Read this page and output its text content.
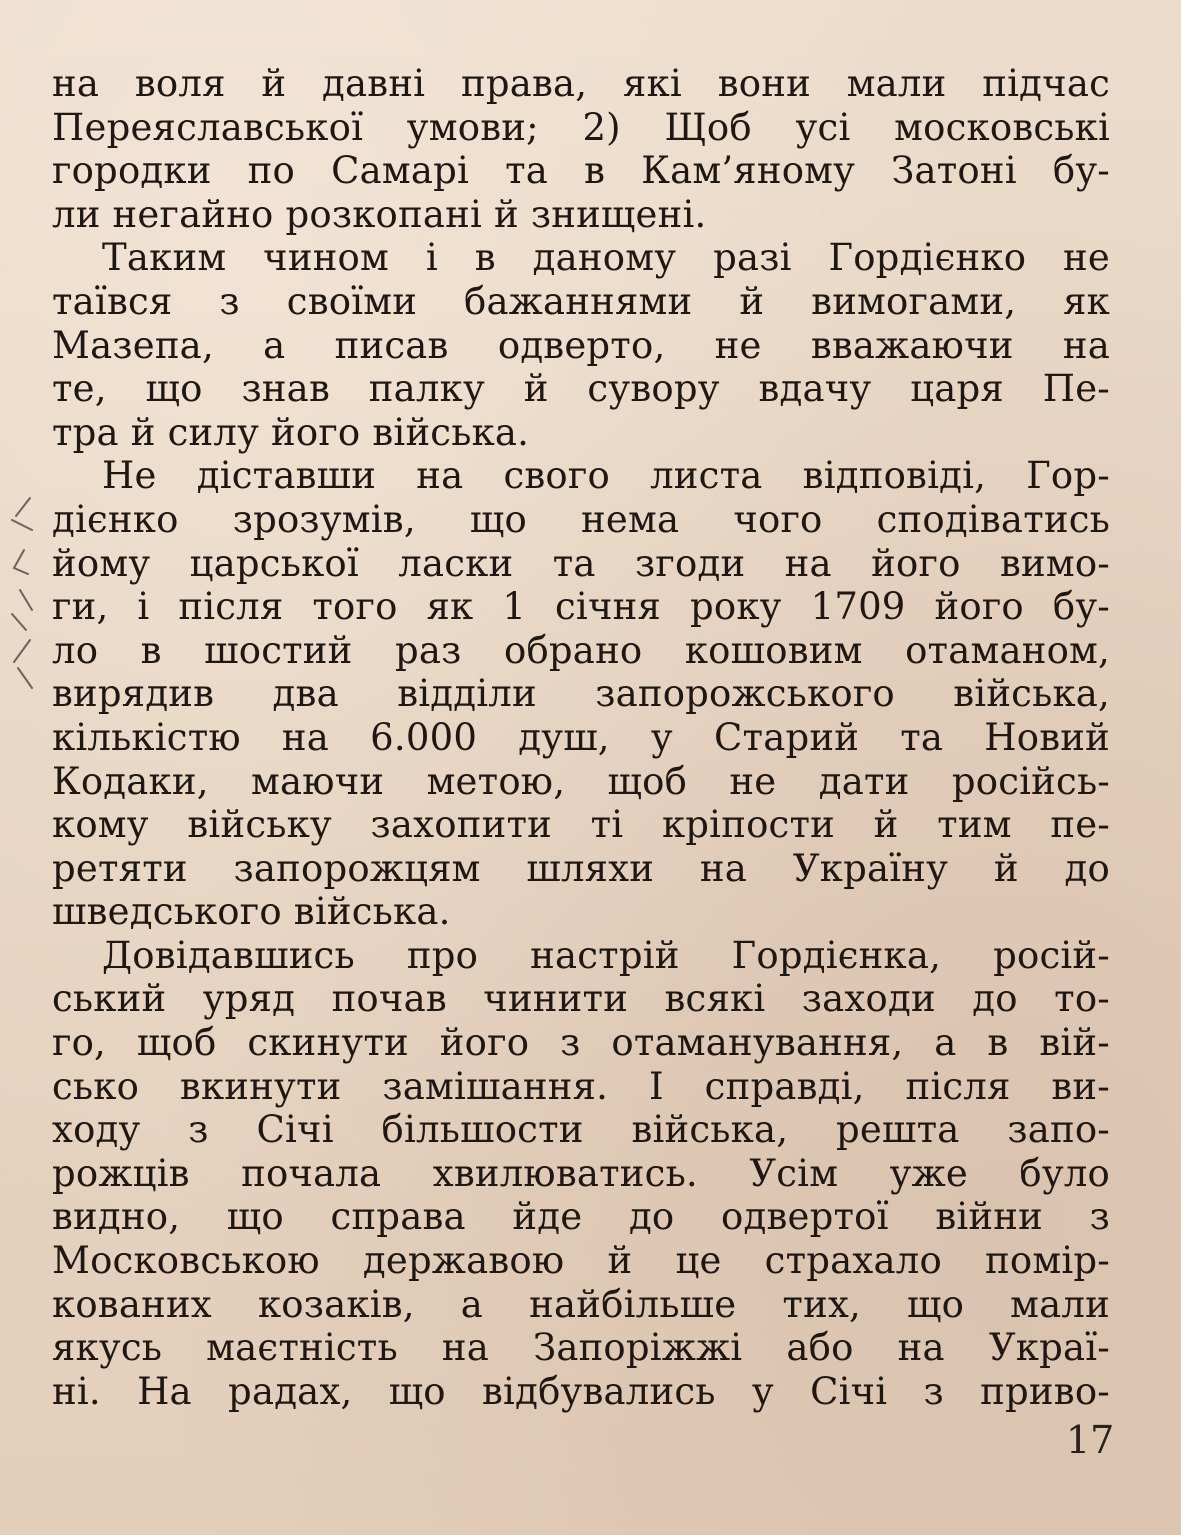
на воля й давні права, які вони мали підчас
Переяславської умови; 2) Щоб усі московські
городки по Самарі та в Кам’яному Затоні бу-
ли негайно розкопані й знищені.
Таким чином і в даному разі Гордієнко не
таївся з своїми бажаннями й вимогами, як
Мазепа, а писав одверто, не вважаючи на
те, що знав палку й сувору вдачу царя Пе-
тра й силу його війська.
Не діставши на свого листа відповіді, Гор-
дієнко зрозумів, що нема чого сподіватись
йому царської ласки та згоди на його вимо-
ги, і після того як 1 січня року 1709 його бу-
ло в шостий раз обрано кошовим отаманом,
вирядив два відділи запорожського війська,
кількістю на 6.000 душ, у Старий та Новий
Кодаки, маючи метою, щоб не дати російсь-
кому війську захопити ті кріпости й тим пе-
ретяти запорожцям шляхи на Україну й до
шведського війська.
Довідавшись про настрій Гордієнка, росій-
ський уряд почав чинити всякі заходи до то-
го, щоб скинути його з отаманування, а в вій-
сько вкинути замішання. І справді, після ви-
ходу з Січі більшости війська, решта запо-
рожців почала хвилюватись. Усім уже було
видно, що справа йде до одвертої війни з
Московською державою й це страхало помір-
кованих козаків, а найбільше тих, що мали
якусь маєтність на Запоріжжі або на Украї-
ні. На радах, що відбувались у Січі з приво-
17
